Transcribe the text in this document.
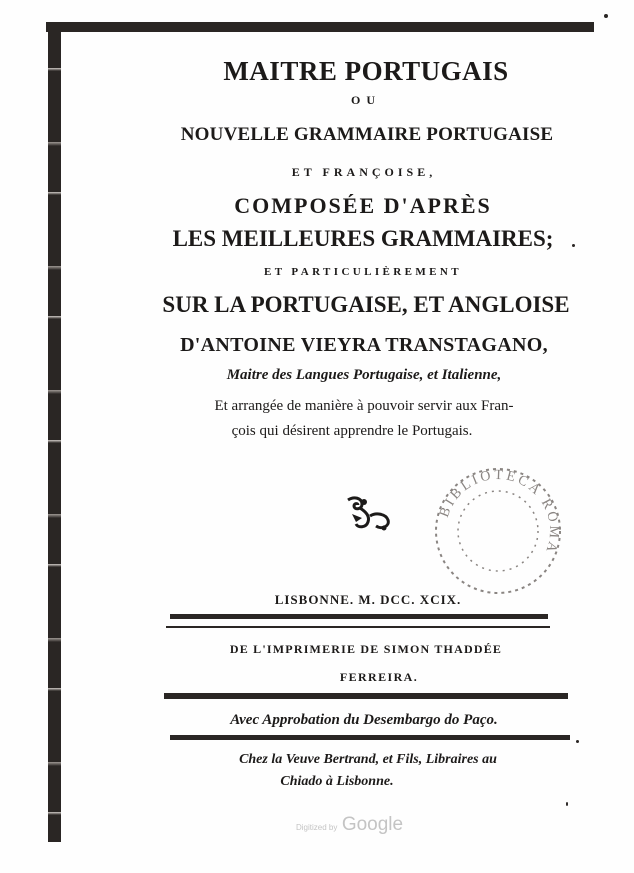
MAITRE PORTUGAIS
OU
NOUVELLE GRAMMAIRE PORTUGAISE
ET FRANÇOISE,
COMPOSÉE D'APRÈS
LES MEILLEURES GRAMMAIRES;
ET PARTICULIÈREMENT
SUR LA PORTUGAISE, ET ANGLOISE
D'ANTOINE VIEYRA TRANSTAGANO,
Maitre des Langues Portugaise, et Italienne,
Et arrangée de manière à pouvoir servir aux Fran-
çois qui désirent apprendre le Portugais.
BIBLIOTECA ROMA
LISBONNE. M. DCC. XCIX.
DE L'IMPRIMERIE DE SIMON THADDÉE
FERREIRA.
Avec Approbation du Desembargo do Paço.
Chez la Veuve Bertrand, et Fils, Libraires au
Chiado à Lisbonne.
Digitized by Google
